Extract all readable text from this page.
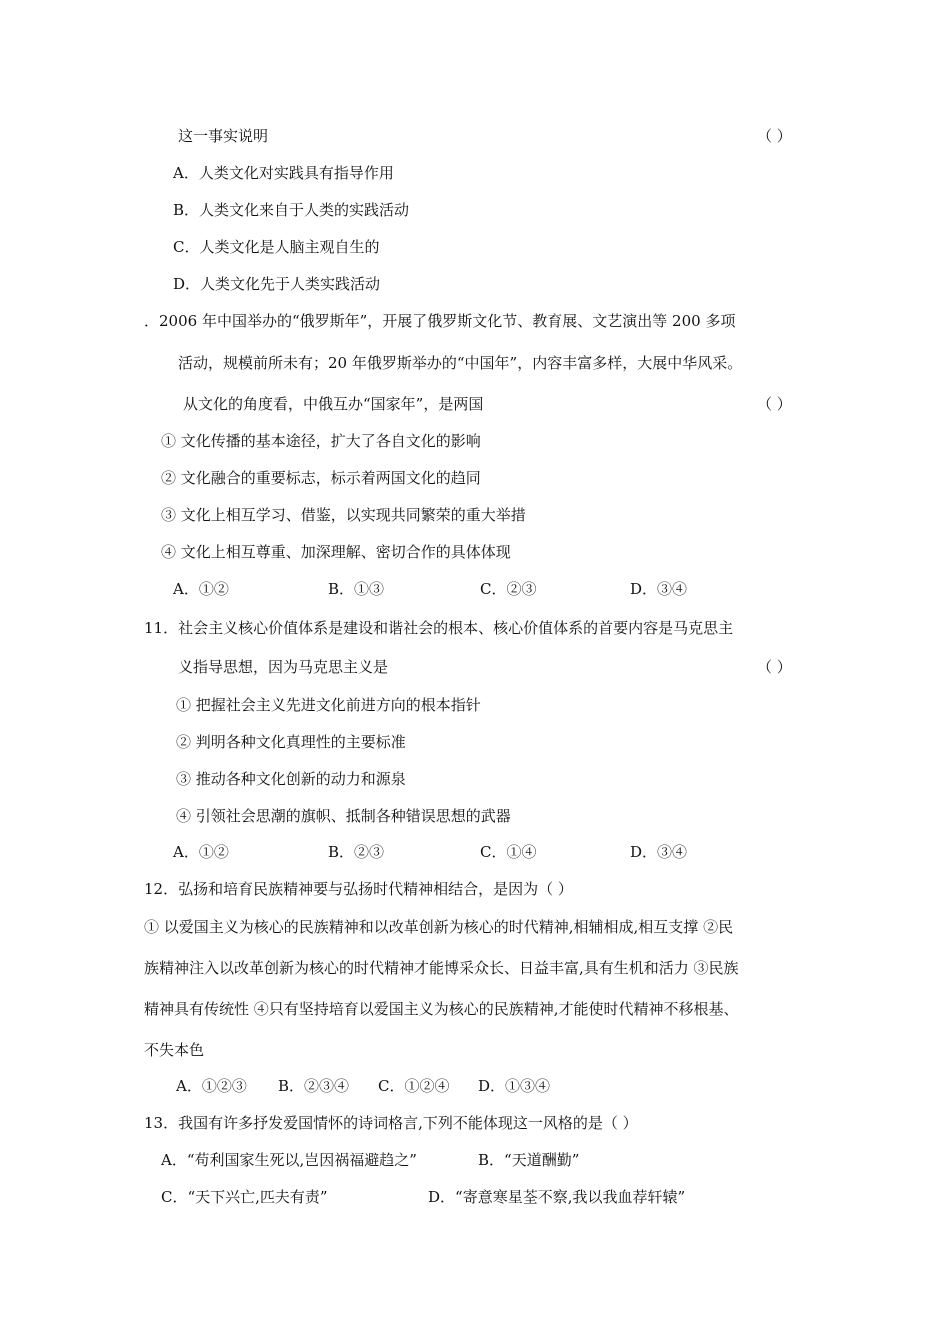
这一事实说明	（ ）
A．人类文化对实践具有指导作用
B．人类文化来自于人类的实践活动
C．人类文化是人脑主观自生的
D．人类文化先于人类实践活动
．2006 年中国举办的“俄罗斯年”，开展了俄罗斯文化节、教育展、文艺演出等 200 多项
活动，规模前所未有；20 年俄罗斯举办的“中国年”，内容丰富多样，大展中华风采。
从文化的角度看，中俄互办“国家年”，是两国	（ ）
① 文化传播的基本途径，扩大了各自文化的影响
② 文化融合的重要标志，标示着两国文化的趋同
③ 文化上相互学习、借鉴，以实现共同繁荣的重大举措
④ 文化上相互尊重、加深理解、密切合作的具体体现
A．①②	B．①③	C．②③	D．③④
11．社会主义核心价值体系是建设和谐社会的根本、核心价值体系的首要内容是马克思主
义指导思想，因为马克思主义是	（ ）
① 把握社会主义先进文化前进方向的根本指针
② 判明各种文化真理性的主要标准
③ 推动各种文化创新的动力和源泉
④ 引领社会思潮的旗帜、抵制各种错误思想的武器
A．①②	B．②③	C．①④	D．③④
12．弘扬和培育民族精神要与弘扬时代精神相结合，是因为（ ）
① 以爱国主义为核心的民族精神和以改革创新为核心的时代精神,相辅相成,相互支撑 ②民
族精神注入以改革创新为核心的时代精神才能博采众长、日益丰富,具有生机和活力 ③民族
精神具有传统性 ④只有坚持培育以爱国主义为核心的民族精神,才能使时代精神不移根基、
不失本色
A．①②③ B．②③④ C．①②④ D．①③④
13．我国有许多抒发爱国情怀的诗词格言,下列不能体现这一风格的是（ ）
A．“苟利国家生死以,岂因祸福避趋之”	B．“天道酬勤”
C．“天下兴亡,匹夫有责”	D．“寄意寒星荃不察,我以我血荐轩辕”
